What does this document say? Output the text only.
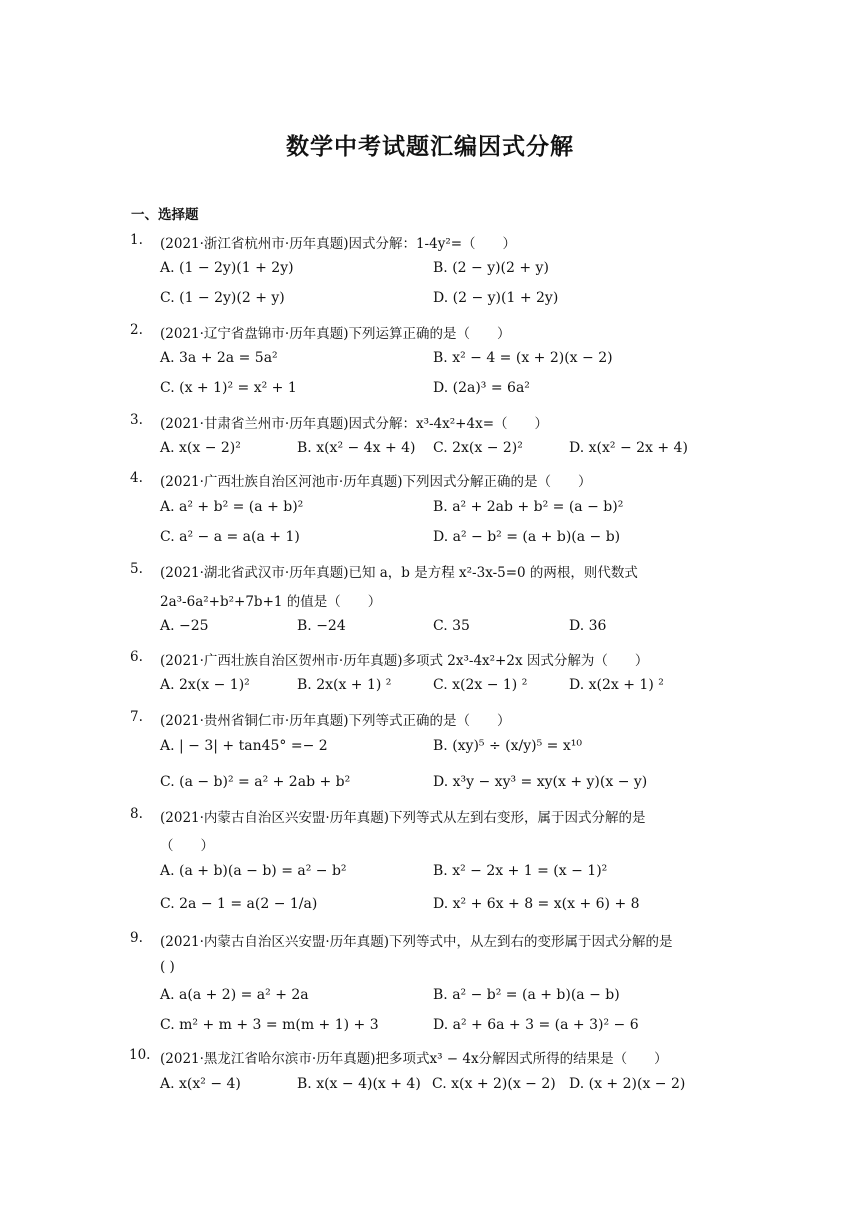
数学中考试题汇编因式分解
一、选择题
1.	(2021·浙江省杭州市·历年真题)因式分解：1-4y²=（　　）
A. (1 − 2y)(1 + 2y)	B. (2 − y)(2 + y)
C. (1 − 2y)(2 + y)	D. (2 − y)(1 + 2y)
2.	(2021·辽宁省盘锦市·历年真题)下列运算正确的是（　　）
A. 3a + 2a = 5a²	B. x² − 4 = (x + 2)(x − 2)
C. (x + 1)² = x² + 1	D. (2a)³ = 6a²
3.	(2021·甘肃省兰州市·历年真题)因式分解：x³-4x²+4x=（　　）
A. x(x − 2)²	B. x(x² − 4x + 4) C. 2x(x − 2)²	D. x(x² − 2x + 4)
4.	(2021·广西壮族自治区河池市·历年真题)下列因式分解正确的是（　　）
A. a² + b² = (a + b)²	B. a² + 2ab + b² = (a − b)²
C. a² − a = a(a + 1)	D. a² − b² = (a + b)(a − b)
5.	(2021·湖北省武汉市·历年真题)已知 a，b 是方程 x²-3x-5=0 的两根，则代数式
2a³-6a²+b²+7b+1 的值是（　　）
A. −25	B. −24	C. 35	D. 36
6.	(2021·广西壮族自治区贺州市·历年真题)多项式 2x³-4x²+2x 因式分解为（　　）
A. 2x(x − 1)²	B. 2x(x + 1) ²	C. x(2x − 1) ²	D. x(2x + 1) ²
7.	(2021·贵州省铜仁市·历年真题)下列等式正确的是（　　）
A. | − 3| + tan45° =− 2	B. (xy)⁵ ÷ (x/y)⁵ = x¹⁰
C. (a − b)² = a² + 2ab + b²	D. x³y − xy³ = xy(x + y)(x − y)
8.	(2021·内蒙古自治区兴安盟·历年真题)下列等式从左到右变形，属于因式分解的是
（　　）
A. (a + b)(a − b) = a² − b²	B. x² − 2x + 1 = (x − 1)²
C. 2a − 1 = a(2 − 1/a)	D. x² + 6x + 8 = x(x + 6) + 8
9.	(2021·内蒙古自治区兴安盟·历年真题)下列等式中，从左到右的变形属于因式分解的是
( )
A. a(a + 2) = a² + 2a	B. a² − b² = (a + b)(a − b)
C. m² + m + 3 = m(m + 1) + 3	D. a² + 6a + 3 = (a + 3)² − 6
10. (2021·黑龙江省哈尔滨市·历年真题)把多项式x³ − 4x分解因式所得的结果是（　　）
A. x(x² − 4)	B. x(x − 4)(x + 4) C. x(x + 2)(x − 2) D. (x + 2)(x − 2)
